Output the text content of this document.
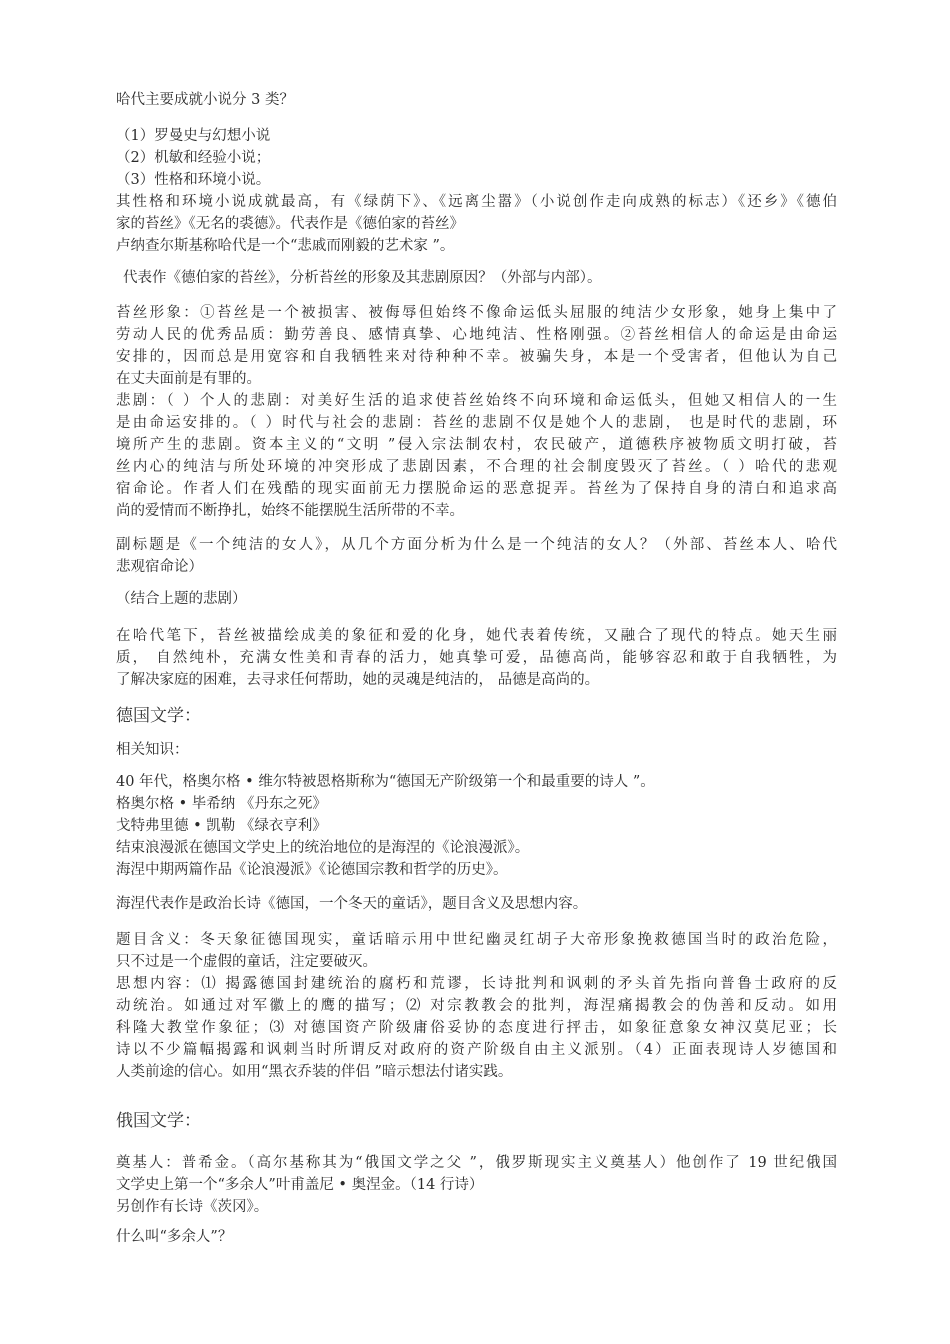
哈代主要成就小说分 3 类？
（1）罗曼史与幻想小说
（2）机敏和经验小说；
（3）性格和环境小说。
其性格和环境小说成就最高，有《绿荫下》、《远离尘嚣》（小说创作走向成熟的标志）《还乡》《德伯
家的苔丝》《无名的裘德》。代表作是《德伯家的苔丝》
卢纳查尔斯基称哈代是一个“悲戚而刚毅的艺术家 ”。
代表作《德伯家的苔丝》，分析苔丝的形象及其悲剧原因？（外部与内部）。
苔丝形象：①苔丝是一个被损害、被侮辱但始终不像命运低头屈服的纯洁少女形象，她身上集中了
劳动人民的优秀品质：勤劳善良、感情真挚、心地纯洁、性格刚强。②苔丝相信人的命运是由命运
安排的，因而总是用宽容和自我牺牲来对待种种不幸。被骗失身，本是一个受害者，但他认为自己
在丈夫面前是有罪的。
悲剧：（ ）个人的悲剧：对美好生活的追求使苔丝始终不向环境和命运低头，但她又相信人的一生
是由命运安排的。（ ）时代与社会的悲剧：苔丝的悲剧不仅是她个人的悲剧， 也是时代的悲剧，环
境所产生的悲剧。资本主义的“文明 ”侵入宗法制农村，农民破产，道德秩序被物质文明打破，苔
丝内心的纯洁与所处环境的冲突形成了悲剧因素，不合理的社会制度毁灭了苔丝。（ ）哈代的悲观
宿命论。作者人们在残酷的现实面前无力摆脱命运的恶意捉弄。苔丝为了保持自身的清白和追求高
尚的爱情而不断挣扎，始终不能摆脱生活所带的不幸。
副标题是《一个纯洁的女人》，从几个方面分析为什么是一个纯洁的女人？（外部、苔丝本人、哈代
悲观宿命论）
（结合上题的悲剧）
在哈代笔下，苔丝被描绘成美的象征和爱的化身，她代表着传统，又融合了现代的特点。她天生丽
质， 自然纯朴，充满女性美和青春的活力，她真挚可爱，品德高尚，能够容忍和敢于自我牺牲，为
了解决家庭的困难，去寻求任何帮助，她的灵魂是纯洁的， 品德是高尚的。
德国文学：
相关知识：
40 年代，格奥尔格 • 维尔特被恩格斯称为“德国无产阶级第一个和最重要的诗人 ”。
格奥尔格 • 毕希纳 《丹东之死》
戈特弗里德 • 凯勒 《绿衣亨利》
结束浪漫派在德国文学史上的统治地位的是海涅的《论浪漫派》。
海涅中期两篇作品《论浪漫派》《论德国宗教和哲学的历史》。
海涅代表作是政治长诗《德国，一个冬天的童话》，题目含义及思想内容。
题目含义：冬天象征德国现实，童话暗示用中世纪幽灵红胡子大帝形象挽救德国当时的政治危险，
只不过是一个虚假的童话，注定要破灭。
思想内容：⑴ 揭露德国封建统治的腐朽和荒谬，长诗批判和讽刺的矛头首先指向普鲁士政府的反
动统治。如通过对军徽上的鹰的描写；⑵ 对宗教教会的批判，海涅痛揭教会的伪善和反动。如用
科隆大教堂作象征；⑶ 对德国资产阶级庸俗妥协的态度进行抨击，如象征意象女神汉莫尼亚；长
诗以不少篇幅揭露和讽刺当时所谓反对政府的资产阶级自由主义派别。（4）正面表现诗人岁德国和
人类前途的信心。如用“黑衣乔装的伴侣 ”暗示想法付诸实践。
俄国文学：
奠基人：普希金。（高尔基称其为“俄国文学之父 ”，俄罗斯现实主义奠基人）他创作了 19 世纪俄国
文学史上第一个“多余人”叶甫盖尼 • 奥涅金。（14 行诗）
另创作有长诗《茨冈》。
什么叫“多余人”？
